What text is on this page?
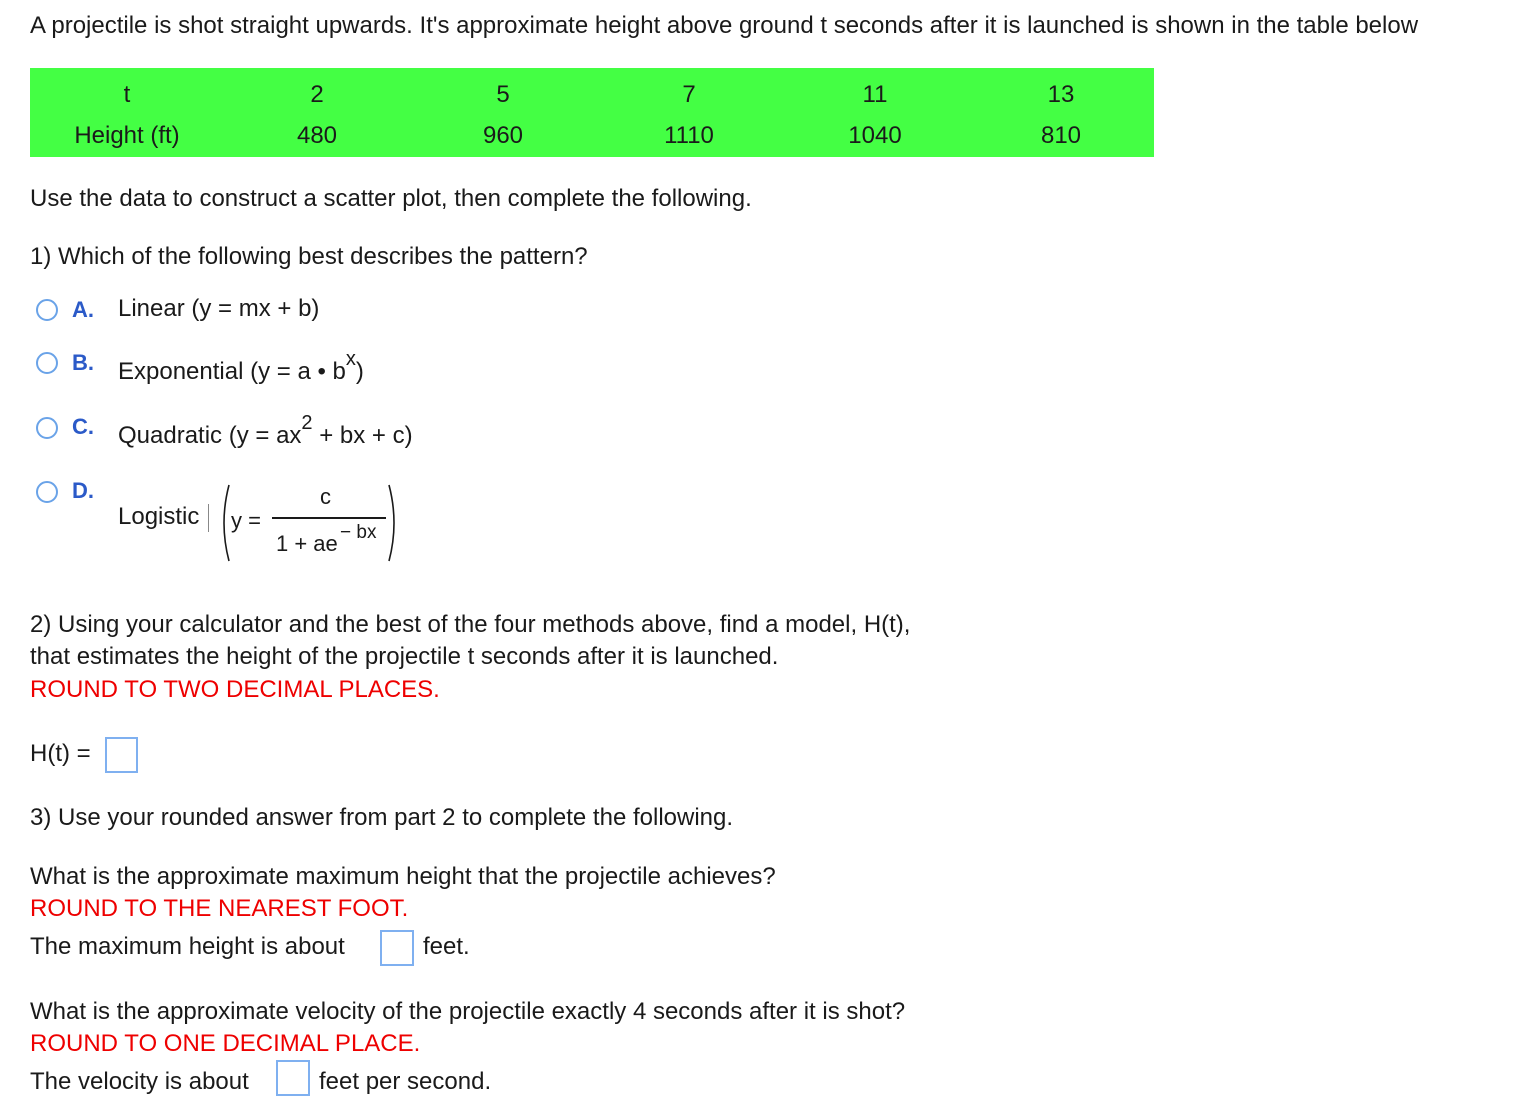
A projectile is shot straight upwards. It's approximate height above ground t seconds after it is launched is shown in the table below
t	2	5	7	11	13
Height (ft)	480	960	1110	1040	810
Use the data to construct a scatter plot, then complete the following.
1) Which of the following best describes the pattern?
A. Linear (y = mx + b)
B. Exponential (y = a • $b^x$)
C. Quadratic ($y = ax^2$ + bx + c)
D.
Logistic y =
c
1 + ae − bx
2) Using your calculator and the best of the four methods above, find a model, H(t),
that estimates the height of the projectile t seconds after it is launched.
ROUND TO TWO DECIMAL PLACES.
H(t) =
3) Use your rounded answer from part 2 to complete the following.
What is the approximate maximum height that the projectile achieves?
ROUND TO THE NEAREST FOOT.
The maximum height is about	feet.
What is the approximate velocity of the projectile exactly 4 seconds after it is shot?
ROUND TO ONE DECIMAL PLACE.
The velocity is about	feet per second.
